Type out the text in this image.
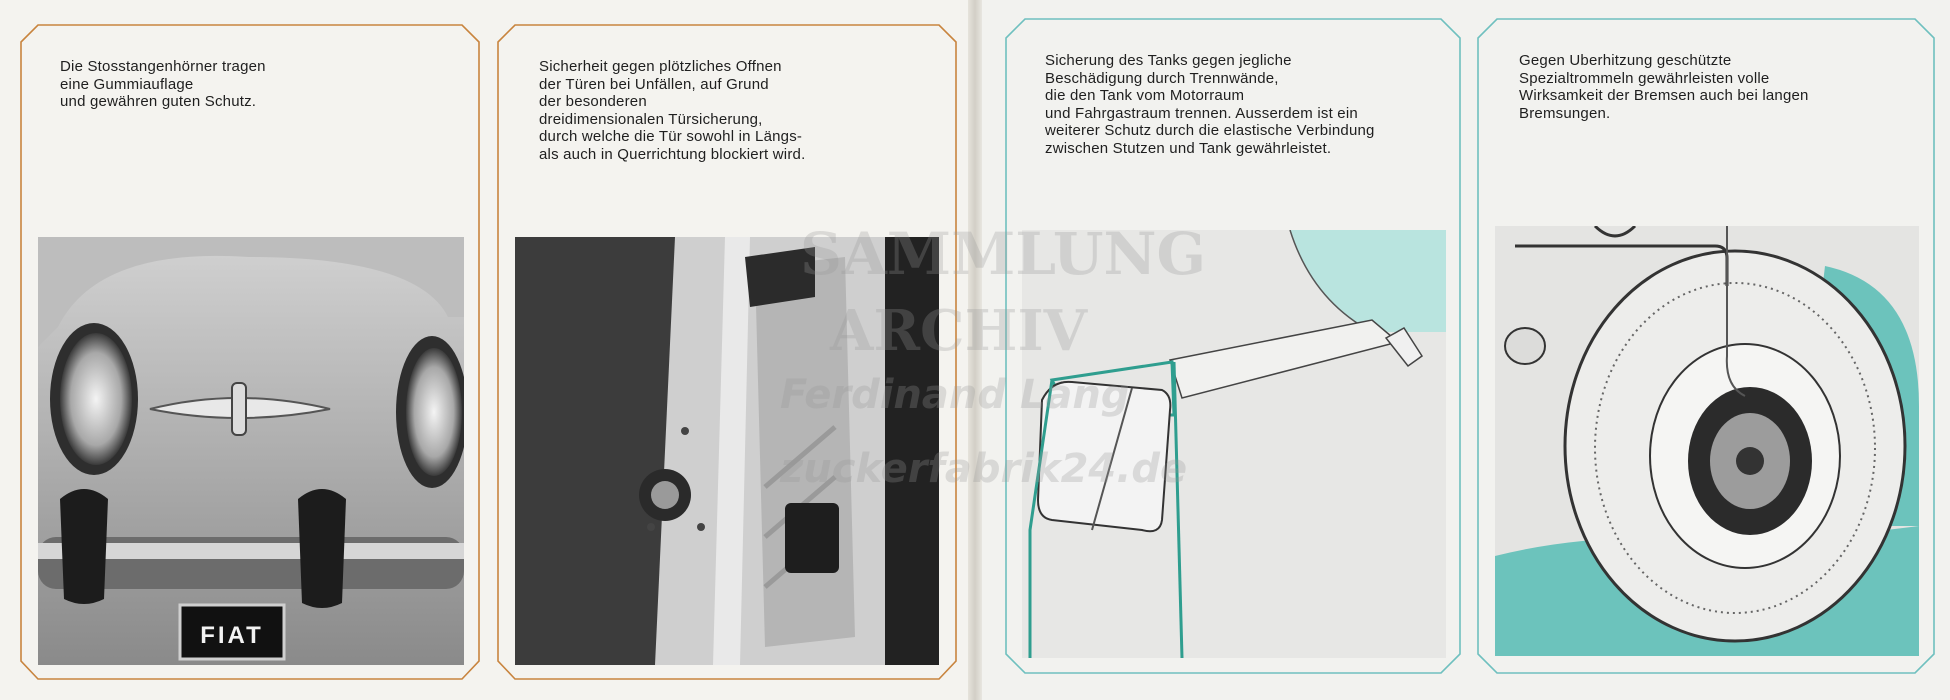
Die Stosstangenhörner tragen
eine Gummiauflage
und gewähren guten Schutz.
FIAT
Sicherheit gegen plötzliches Offnen
der Türen bei Unfällen, auf Grund
der besonderen
dreidimensionalen Türsicherung,
durch welche die Tür sowohl in Längs-
als auch in Querrichtung blockiert wird.
Sicherung des Tanks gegen jegliche
Beschädigung durch Trennwände,
die den Tank vom Motorraum
und Fahrgastraum trennen. Ausserdem ist ein
weiterer Schutz durch die elastische Verbindung
zwischen Stutzen und Tank gewährleistet.
Gegen Uberhitzung geschützte
Spezialtrommeln gewährleisten volle
Wirksamkeit der Bremsen auch bei langen
Bremsungen.
SAMMLUNG
ARCHIV
Ferdinand Lang
zuckerfabrik24.de
